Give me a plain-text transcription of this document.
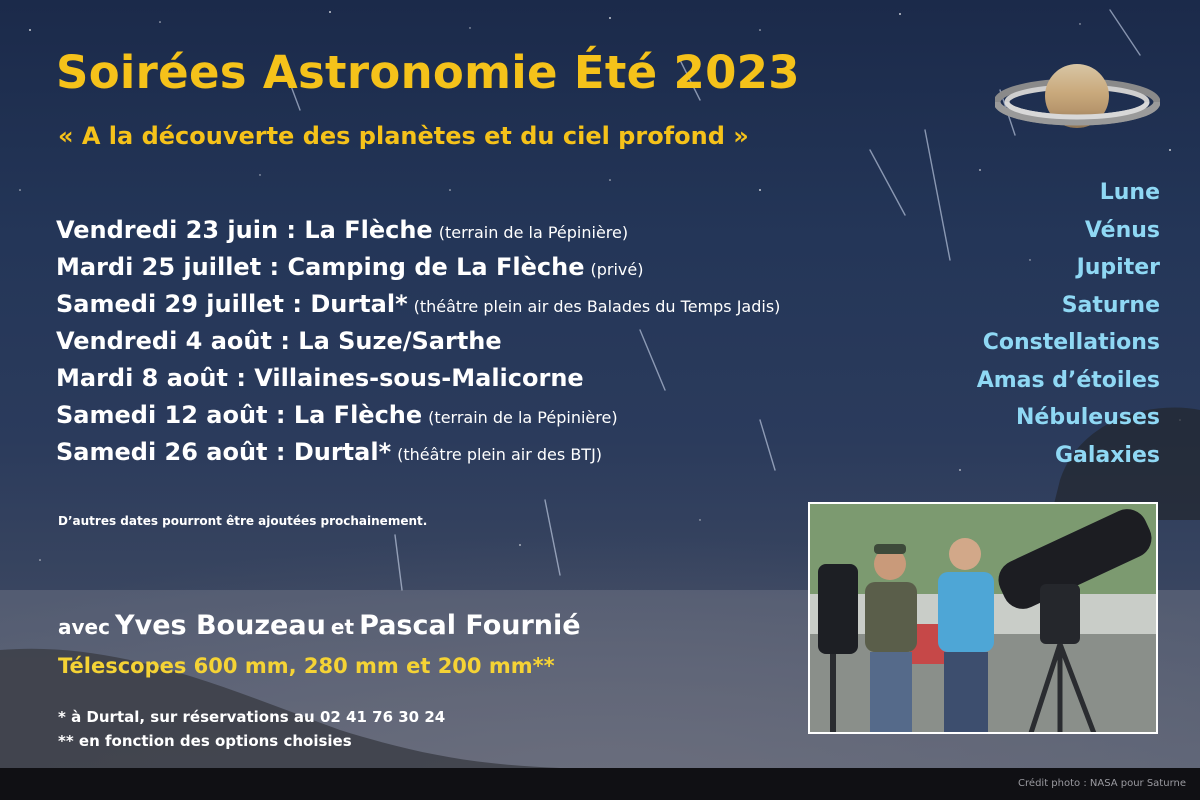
Soirées Astronomie Été 2023
« A la découverte des planètes et du ciel profond »
Vendredi 23 juin : La Flèche (terrain de la Pépinière)
Mardi 25 juillet : Camping de La Flèche (privé)
Samedi 29 juillet : Durtal* (théâtre plein air des Balades du Temps Jadis)
Vendredi 4 août : La Suze/Sarthe
Mardi 8 août : Villaines-sous-Malicorne
Samedi 12 août : La Flèche (terrain de la Pépinière)
Samedi 26 août : Durtal* (théâtre plein air des BTJ)
D’autres dates pourront être ajoutées prochainement.
Lune
Vénus
Jupiter
Saturne
Constellations
Amas d’étoiles
Nébuleuses
Galaxies
avec Yves Bouzeau et Pascal Fournié
Télescopes 600 mm, 280 mm et 200 mm**
* à Durtal, sur réservations au 02 41 76 30 24
** en fonction des options choisies
Crédit photo : NASA pour Saturne
